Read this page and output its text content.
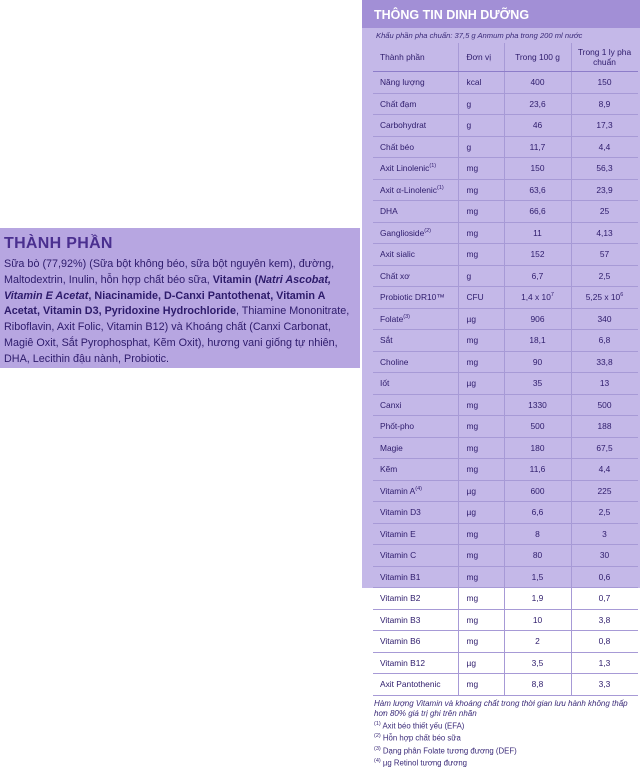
THÀNH PHẦN
Sữa bò (77,92%) (Sữa bột không béo, sữa bột nguyên kem), đường, Maltodextrin, Inulin, hỗn hợp chất béo sữa, Vitamin (Natri Ascobat, Vitamin E Acetat, Niacinamide, D-Canxi Pantothenat, Vitamin A Acetat, Vitamin D3, Pyridoxine Hydrochloride, Thiamine Mononitrate, Riboflavin, Axit Folic, Vitamin B12) và Khoáng chất (Canxi Carbonat, Magiê Oxit, Sắt Pyrophosphat, Kẽm Oxit), hương vani giống tự nhiên, DHA, Lecithin đậu nành, Probiotic.
THÔNG TIN DINH DƯỠNG
Khẩu phần pha chuẩn: 37,5 g Anmum pha trong 200 ml nước
Thành phần	Đơn vị	Trong 100 g	Trong 1 ly pha chuẩn
Năng lượng	kcal	400	150
Chất đạm	g	23,6	8,9
Carbohydrat	g	46	17,3
Chất béo	g	11,7	4,4
Axit Linolenic$^{(1)}$	mg	150	56,3
Axit α-Linolenic$^{(1)}$	mg	63,6	23,9
DHA	mg	66,6	25
Ganglioside$^{(2)}$	mg	11	4,13
Axit sialic	mg	152	57
Chất xơ	g	6,7	2,5
Probiotic DR10™	CFU	1,4 x $10^7$	5,25 x $10^6$
Folate$^{(3)}$	µg	906	340
Sắt	mg	18,1	6,8
Choline	mg	90	33,8
Iốt	µg	35	13
Canxi	mg	1330	500
Phốt-pho	mg	500	188
Magie	mg	180	67,5
Kẽm	mg	11,6	4,4
Vitamin $A^{(4)}$	µg	600	225
Vitamin D3	µg	6,6	2,5
Vitamin E	mg	8	3
Vitamin C	mg	80	30
Vitamin B1	mg	1,5	0,6
Vitamin B2	mg	1,9	0,7
Vitamin B3	mg	10	3,8
Vitamin B6	mg	2	0,8
Vitamin B12	µg	3,5	1,3
Axit Pantothenic	mg	8,8	3,3
Hàm lượng Vitamin và khoáng chất trong thời gian lưu hành không thấp hơn 80% giá trị ghi trên nhãn
$^{(1)}$ Axit béo thiết yếu (EFA)
$^{(2)}$ Hỗn hợp chất béo sữa
$^{(3)}$ Dạng phân Folate tương đương (DEF)
$^{(4)}$ µg Retinol tương đương
